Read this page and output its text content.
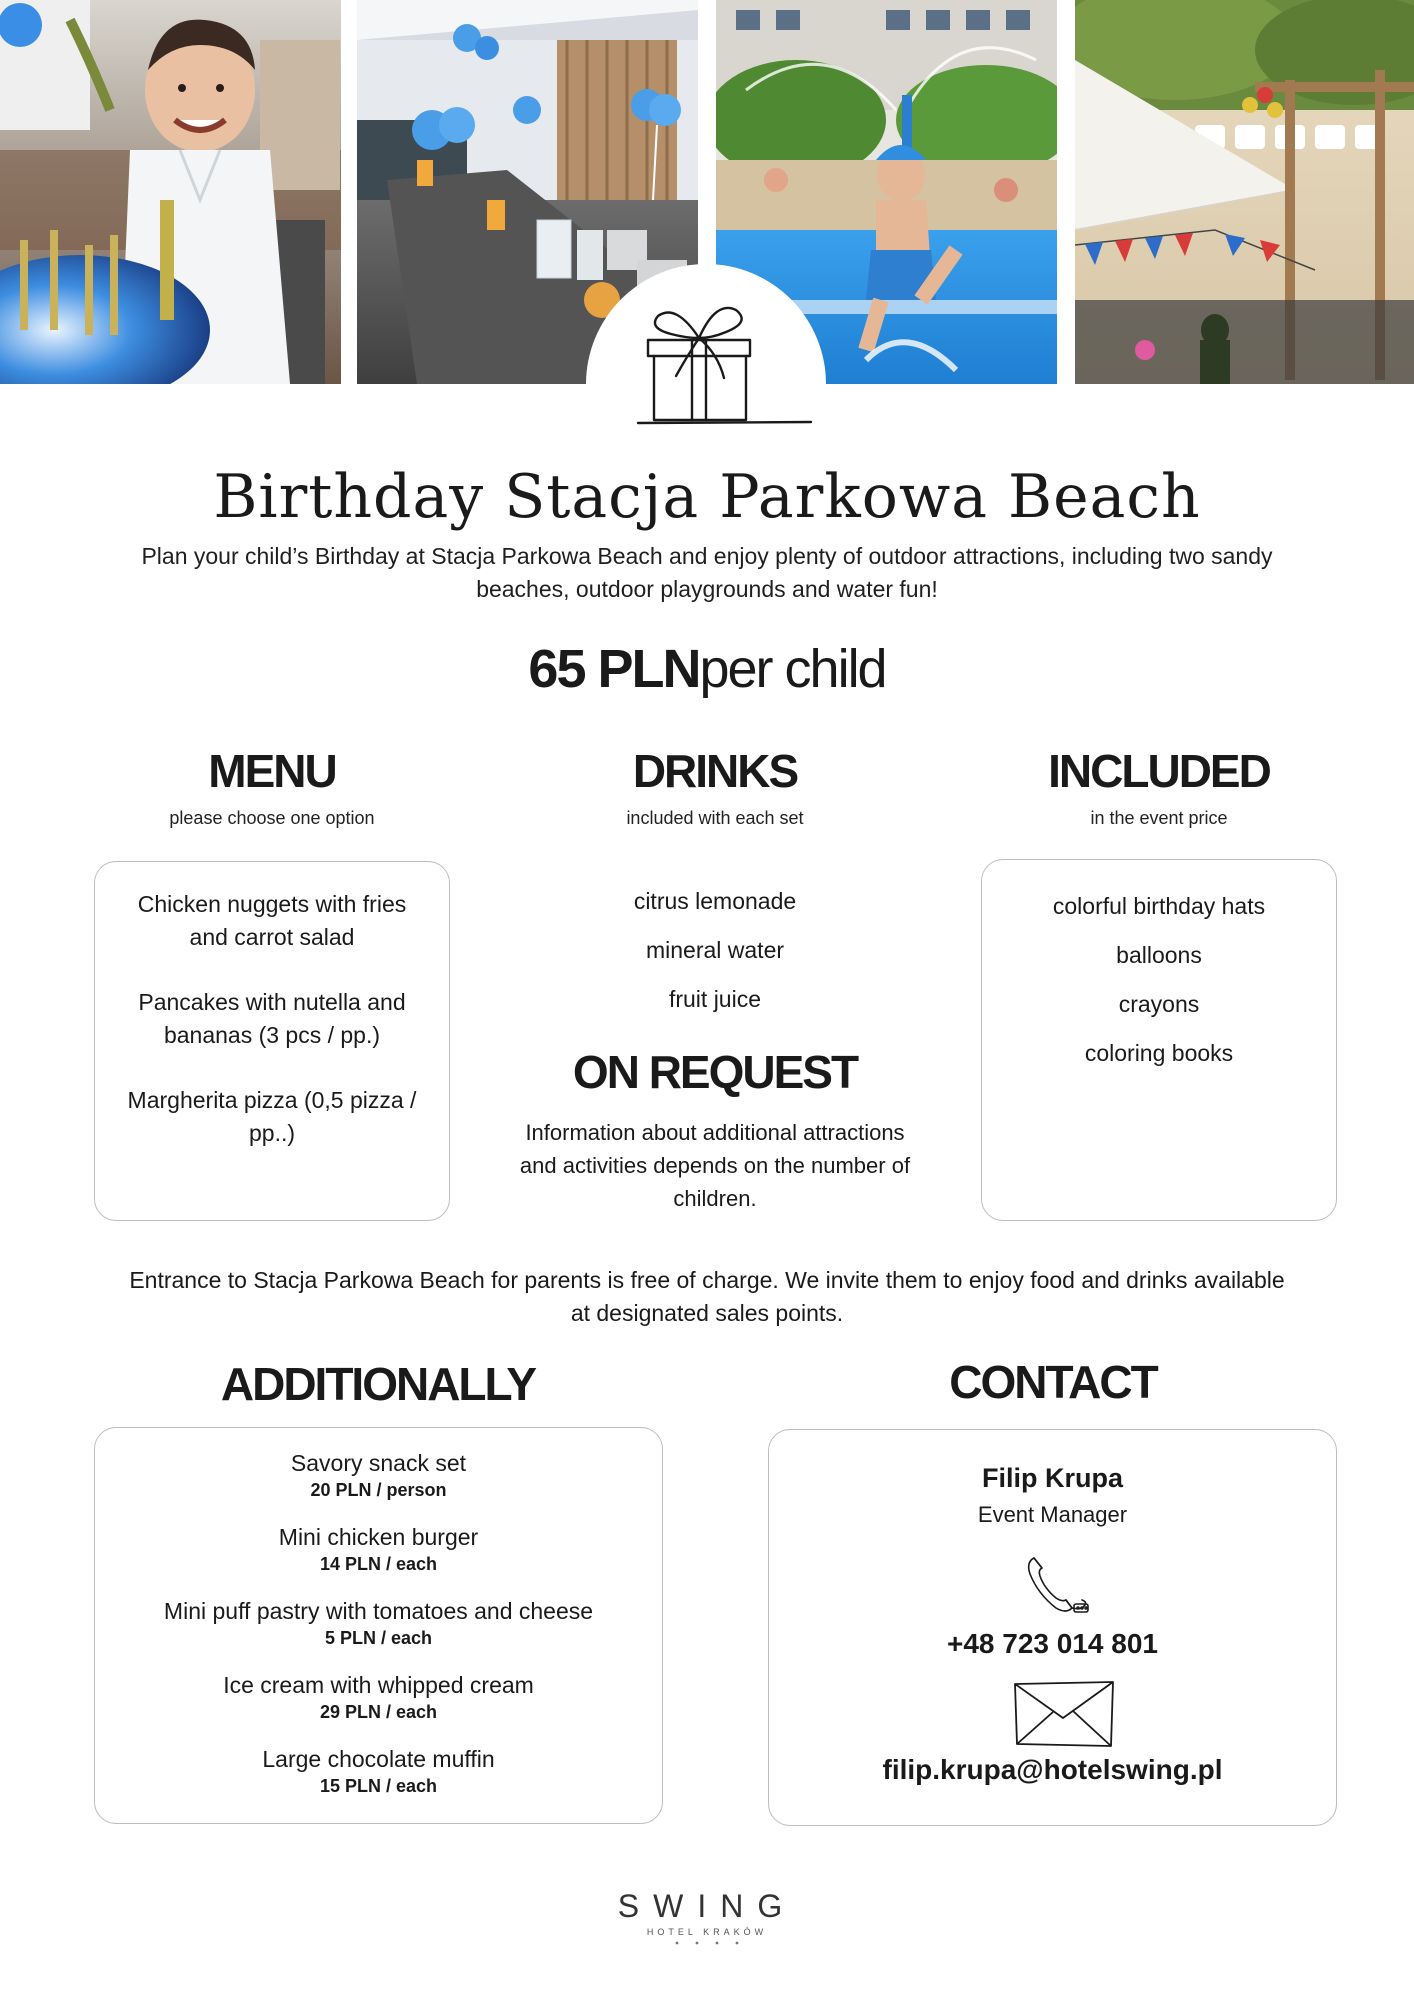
Birthday Stacja Parkowa Beach

Plan your child’s Birthday at Stacja Parkowa Beach and enjoy plenty of outdoor attractions, including two sandy beaches, outdoor playgrounds and water fun!

65 PLNper child
MENU
please choose one option
DRINKS
included with each set
INCLUDED
in the event price
Chicken nuggets with fries and carrot salad
Pancakes with nutella and bananas (3 pcs / pp.)
Margherita pizza (0,5 pizza / pp..)
citrus lemonade
mineral water
fruit juice
ON REQUEST

Information about additional attractions and activities depends on the number of children.

colorful birthday hats
balloons
crayons
coloring books

Entrance to Stacja Parkowa Beach for parents is free of charge. We invite them to enjoy food and drinks available at designated sales points.

ADDITIONALLY
Savory snack set
20 PLN / person
Mini chicken burger
14 PLN / each
Mini puff pastry with tomatoes and cheese
5 PLN / each
Ice cream with whipped cream
29 PLN / each
Large chocolate muffin
15 PLN / each
CONTACT
Filip Krupa
Event Manager
+48 723 014 801
filip.krupa@hotelswing.pl
SWING
HOTEL KRAKÓW
